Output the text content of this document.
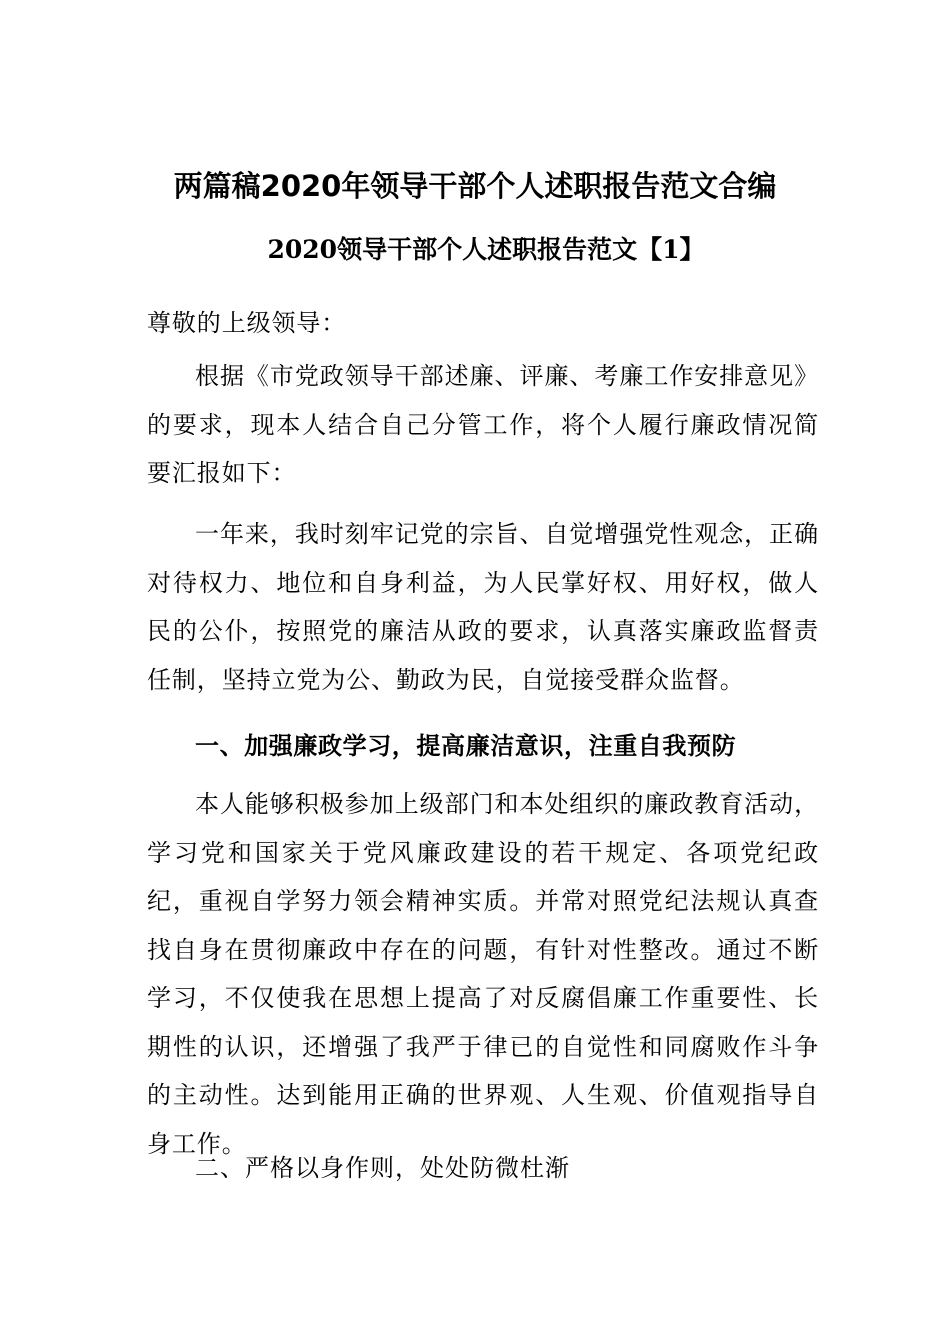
两篇稿2020年领导干部个人述职报告范文合编
2020领导干部个人述职报告范文【1】
尊敬的上级领导：
根据《市党政领导干部述廉、评廉、考廉工作安排意见》的要求，现本人结合自己分管工作，将个人履行廉政情况简要汇报如下：
一年来，我时刻牢记党的宗旨、自觉增强党性观念，正确对待权力、地位和自身利益，为人民掌好权、用好权，做人民的公仆，按照党的廉洁从政的要求，认真落实廉政监督责任制，坚持立党为公、勤政为民，自觉接受群众监督。
一、加强廉政学习，提高廉洁意识，注重自我预防
本人能够积极参加上级部门和本处组织的廉政教育活动，学习党和国家关于党风廉政建设的若干规定、各项党纪政纪，重视自学努力领会精神实质。并常对照党纪法规认真查找自身在贯彻廉政中存在的问题，有针对性整改。通过不断学习，不仅使我在思想上提高了对反腐倡廉工作重要性、长期性的认识，还增强了我严于律已的自觉性和同腐败作斗争的主动性。达到能用正确的世界观、人生观、价值观指导自身工作。
二、严格以身作则，处处防微杜渐
